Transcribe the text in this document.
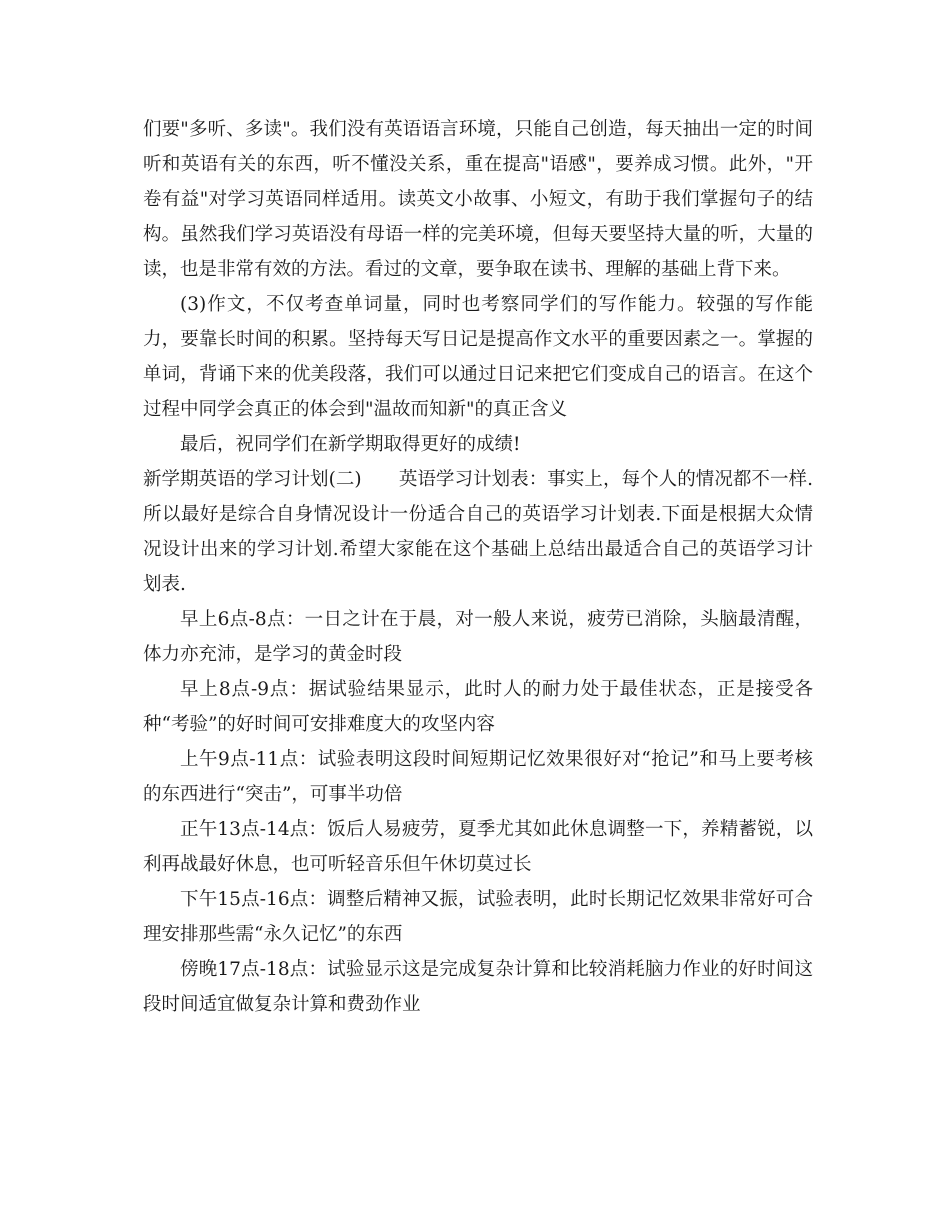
们要"多听、多读"。我们没有英语语言环境，只能自己创造，每天抽出一定的时间听和英语有关的东西，听不懂没关系，重在提高"语感"，要养成习惯。此外，"开卷有益"对学习英语同样适用。读英文小故事、小短文，有助于我们掌握句子的结构。虽然我们学习英语没有母语一样的完美环境，但每天要坚持大量的听，大量的读，也是非常有效的方法。看过的文章，要争取在读书、理解的基础上背下来。

(3)作文，不仅考查单词量，同时也考察同学们的写作能力。较强的写作能力，要靠长时间的积累。坚持每天写日记是提高作文水平的重要因素之一。掌握的单词，背诵下来的优美段落，我们可以通过日记来把它们变成自己的语言。在这个过程中同学会真正的体会到"温故而知新"的真正含义

最后，祝同学们在新学期取得更好的成绩!

新学期英语的学习计划(二)　　英语学习计划表：事实上，每个人的情况都不一样.所以最好是综合自身情况设计一份适合自己的英语学习计划表.下面是根据大众情况设计出来的学习计划.希望大家能在这个基础上总结出最适合自己的英语学习计划表.

早上6点-8点：一日之计在于晨，对一般人来说，疲劳已消除，头脑最清醒，体力亦充沛，是学习的黄金时段

早上8点-9点：据试验结果显示，此时人的耐力处于最佳状态，正是接受各种“考验”的好时间可安排难度大的攻坚内容

上午9点-11点：试验表明这段时间短期记忆效果很好对“抢记”和马上要考核的东西进行“突击”，可事半功倍

正午13点-14点：饭后人易疲劳，夏季尤其如此休息调整一下，养精蓄锐，以利再战最好休息，也可听轻音乐但午休切莫过长

下午15点-16点：调整后精神又振，试验表明，此时长期记忆效果非常好可合理安排那些需“永久记忆”的东西

傍晚17点-18点：试验显示这是完成复杂计算和比较消耗脑力作业的好时间这段时间适宜做复杂计算和费劲作业
